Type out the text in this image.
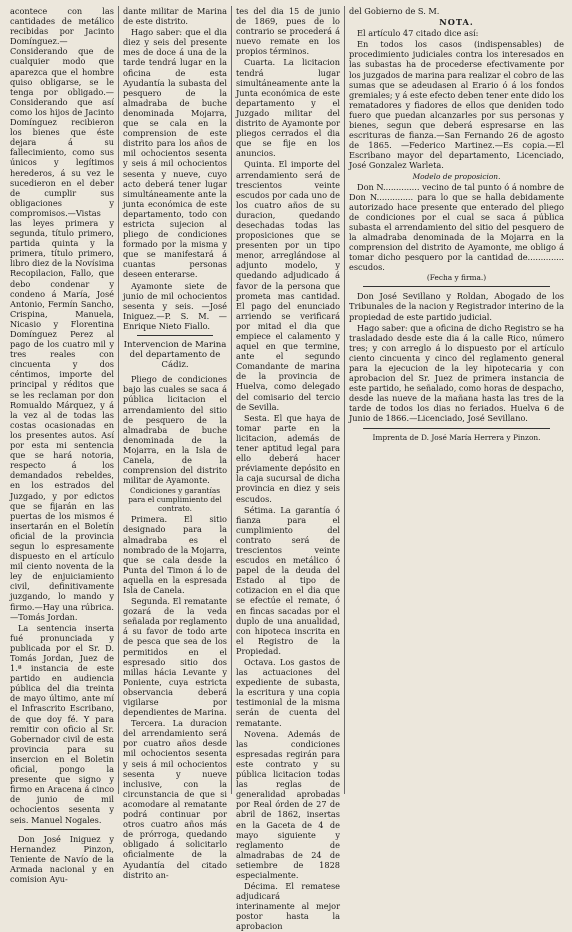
acontece con las cantidades de metálico recibidas por Jacinto Domínguez.—Considerando que de cualquier modo que aparezca que el hombre quiso obligarse, se le tenga por obligado.—Considerando que así como los hijos de Jacinto Domínguez recibieron los bienes que éste dejara á su fallecimiento, como sus únicos y legítimos herederos, á su vez le sucedieron en el deber de cumplir sus obligaciones y compromisos.—Vistas las leyes primera y segunda, título primero, partida quinta y la primera, título primero, libro diez de la Novísima Recopilacion, Fallo, que debo condenar y condeno á María, José Antonio, Fermín Sancho, Crispina, Manuela, Nicasio y Florentina Domínguez Perez al pago de los cuatro mil y tres reales con cincuenta y dos céntimos, importe del principal y réditos que se les reclaman por don Romualdo Márquez, y á la vez al de todas las costas ocasionadas en los presentes autos. Así por esta mi sentencia que se hará notoria, respecto á los demandados rebeldes, en los estrados del Juzgado, y por edictos que se fijarán en las puertas de los mismos é insertarán en el Boletín oficial de la provincia segun lo espresamente dispuesto en el artículo mil ciento noventa de la ley de enjuiciamiento civil, definitivamente juzgando, lo mando y firmo.—Hay una rúbrica.—Tomás Jordan.

La sentencia inserta fué pronunciada y publicada por el Sr. D. Tomás Jordan, Juez de 1.ª instancia de este partido en audiencia pública del dia treinta de mayo último, ante mí el Infrascrito Escribano, de que doy fé. Y para remitir con oficio al Sr. Gobernador civil de esta provincia para su insercion en el Boletin oficial, pongo la presente que signo y firmo en Aracena á cinco de junio de mil ochocientos sesenta y seis. Manuel Nogales.

Don José Iniguez y Hernandez Pinzon, Teniente de Navío de la Armada nacional y en comision Ayu-

dante militar de Marina de este distrito.

Hago saber: que el dia diez y seis del presente mes de doce á una de la tarde tendrá lugar en la oficina de esta Ayudantía la subasta del pesquero de la almadraba de buche denominada Mojarra, que se cala en la comprension de este distrito para los años de mil ochocientos sesenta y seis á mil ochocientos sesenta y nueve, cuyo acto deberá tener lugar simultáneamente ante la junta económica de este departamento, todo con estricta sujecion al pliego de condiciones formado por la misma y que se manifestará á cuantas personas deseen enterarse.

Ayamonte siete de junio de mil ochocientos sesenta y seis. —José Iniguez.—P. S. M. —Enrique Nieto Fiallo.

Intervencion de Marina del departamento de Cádiz.

Pliego de condiciones bajo las cuales se saca á pública licitacion el arrendamiento del sitio de pesquero de la almadraba de buche denominada de la Mojarra, en la Isla de Canela, de la comprension del distrito militar de Ayamonte.

Condiciones y garantías para el cumplimiento del contrato.

Primera. El sitio designado para la almadraba es el nombrado de la Mojarra, que se cala desde la Punta del Timon á lo de aquella en la espresada Isla de Canela.

Segunda. El rematante gozará de la veda señalada por reglamento á su favor de todo arte de pesca que sea de los permitidos en el espresado sitio dos millas hácia Levante y Poniente, cuya estricta observancia deberá vigilarse por dependientes de Marina.

Tercera. La duracion del arrendamiento será por cuatro años desde mil ochocientos sesenta y seis á mil ochocientos sesenta y nueve inclusive, con la circunstancia de que si acomodare al rematante podrá continuar por otros cuatro años más de prórroga, quedando obligado á solicitarlo oficialmente de la Ayudantía del citado distrito an-

tes del dia 15 de junio de 1869, pues de lo contrario se procederá á nuevo remate en los propios términos.

Cuarta. La licitacion tendrá lugar simultáneamente ante la Junta económica de este departamento y el Juzgado militar del distrito de Ayamonte por pliegos cerrados el dia que se fije en los anuncios.

Quinta. El importe del arrendamiento será de trescientos veinte escudos por cada uno de los cuatro años de su duracion, quedando desechadas todas las proposiciones que se presenten por un tipo menor, arreglándose al adjunto modelo, y quedando adjudicado á favor de la persona que prometa mas cantidad. El pago del enunciado arriendo se verificará por mitad el dia que empiece el calamento y aquel en que termine, ante el segundo Comandante de marina de la provincia de Huelva, como delegado del comisario del tercio de Sevilla.

Sesta. El que haya de tomar parte en la licitacion, además de tener aptitud legal para ello deberá hacer préviamente depósito en la caja sucursal de dicha provincia en diez y seis escudos.

Sétima. La garantía ó fianza para el cumplimiento del contrato será de trescientos veinte escudos en metálico ó papel de la deuda del Estado al tipo de cotizacion en el dia que se efectúe el remate, ó en fincas sacadas por el duplo de una anualidad, con hipoteca inscrita en el Registro de la Propiedad.

Octava. Los gastos de las actuaciones del expediente de subasta, la escritura y una copia testimonial de la misma serán de cuenta del rematante.

Novena. Además de las condiciones espresadas regirán para este contrato y su pública licitacion todas las reglas de generalidad aprobadas por Real órden de 27 de abril de 1862, insertas en la Gaceta de 4 de mayo siguiente y reglamento de almadrabas de 24 de setiembre de 1828 especialmente.

Décima. El rematese adjudicará interinamente al mejor postor hasta la aprobacion

del Gobierno de S. M.

NOTA.

El artículo 47 citado dice así:

En todos los casos (indispensables) de procedimiento judiciales contra los interesados en las subastas ha de procederse efectivamente por los juzgados de marina para realizar el cobro de las sumas que se adeudasen al Erario ó á los fondos gremiales; y á este efecto deben tener ente dido los rematadores y fiadores de ellos que deniden todo fuero que puedan alcanzarles por sus personas y bienes, segun que deberá espresarse en las escrituras de fianza.—San Fernando 26 de agosto de 1865. —Federico Martinez.—Es copia.—El Escribano mayor del departamento, Licenciado, José Gonzalez Warleta.

Modelo de proposicion.

Don N.............. vecino de tal punto ó á nombre de Don N.............. para lo que se halla debidamente autorizado hace presente que enterado del pliego de condiciones por el cual se saca á pública subasta el arrendamiento del sitio del pesquero de la almadraba denominada de la Mojarra en la comprension del distrito de Ayamonte, me obligo á tomar dicho pesquero por la cantidad de.............. escudos.

(Fecha y firma.)

Don José Sevillano y Roldan, Abogado de los Tribunales de la nacion y Registrador interino de la propiedad de este partido judicial.

Hago saber: que a oficina de dicho Registro se ha trasladado desde este dia á la calle Rico, número tres; y con arreglo á lo dispuesto por el artículo ciento cincuenta y cinco del reglamento general para la ejecucion de la ley hipotecaria y con aprobacion del Sr. Juez de primera instancia de este partido, he señalado, como horas de despacho, desde las nueve de la mañana hasta las tres de la tarde de todos los dias no feriados. Huelva 6 de Junio de 1866.—Licenciado, José Sevillano.

Imprenta de D. José María Herrera y Pinzon.
